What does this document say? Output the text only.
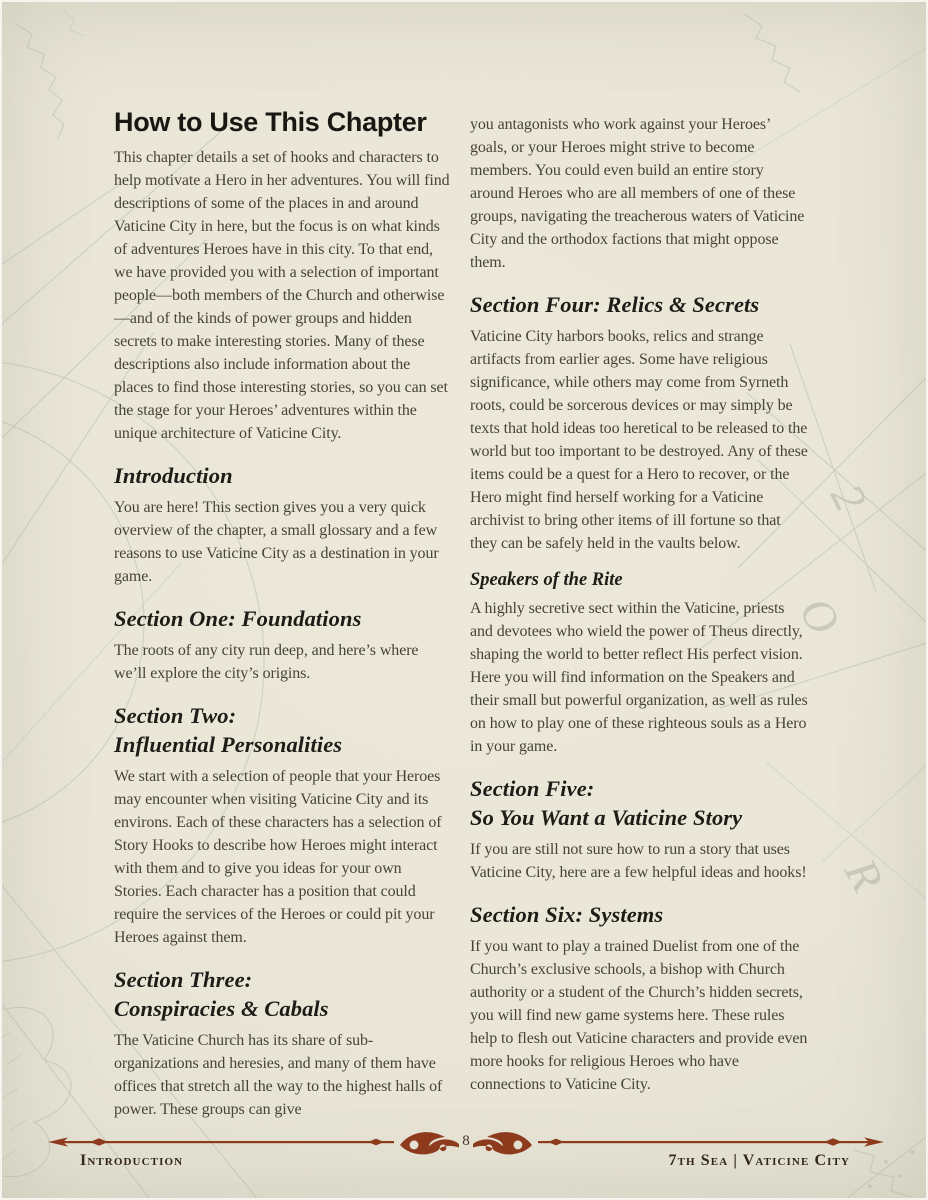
2
O
R
How to Use This Chapter

This chapter details a set of hooks and characters to help motivate a Hero in her adventures. You will find descriptions of some of the places in and around Vaticine City in here, but the focus is on what kinds of adventures Heroes have in this city. To that end, we have provided you with a selection of important people—both members of the Church and otherwise—and of the kinds of power groups and hidden secrets to make interesting stories. Many of these descriptions also include information about the places to find those interesting stories, so you can set the stage for your Heroes’ adventures within the unique architecture of Vaticine City.

Introduction

You are here! This section gives you a very quick overview of the chapter, a small glossary and a few reasons to use Vaticine City as a destination in your game.

Section One: Foundations

The roots of any city run deep, and here’s where we’ll explore the city’s origins.

Section Two:
Influential Personalities

We start with a selection of people that your Heroes may encounter when visiting Vaticine City and its environs. Each of these characters has a selection of Story Hooks to describe how Heroes might interact with them and to give you ideas for your own Stories. Each character has a position that could require the services of the Heroes or could pit your Heroes against them.

Section Three:
Conspiracies & Cabals

The Vaticine Church has its share of sub-organizations and heresies, and many of them have offices that stretch all the way to the highest halls of power. These groups can give

you antagonists who work against your Heroes’ goals, or your Heroes might strive to become members. You could even build an entire story around Heroes who are all members of one of these groups, navigating the treacherous waters of Vaticine City and the orthodox factions that might oppose them.

Section Four: Relics & Secrets

Vaticine City harbors books, relics and strange artifacts from earlier ages. Some have religious significance, while others may come from Syrneth roots, could be sorcerous devices or may simply be texts that hold ideas too heretical to be released to the world but too important to be destroyed. Any of these items could be a quest for a Hero to recover, or the Hero might find herself working for a Vaticine archivist to bring other items of ill fortune so that they can be safely held in the vaults below.

Speakers of the Rite

A highly secretive sect within the Vaticine, priests and devotees who wield the power of Theus directly, shaping the world to better reflect His perfect vision. Here you will find information on the Speakers and their small but powerful organization, as well as rules on how to play one of these righteous souls as a Hero in your game.

Section Five:
So You Want a Vaticine Story

If you are still not sure how to run a story that uses Vaticine City, here are a few helpful ideas and hooks!

Section Six: Systems

If you want to play a trained Duelist from one of the Church’s exclusive schools, a bishop with Church authority or a student of the Church’s hidden secrets, you will find new game systems here. These rules help to flesh out Vaticine characters and provide even more hooks for religious Heroes who have connections to Vaticine City.

8
Introduction	7th Sea | Vaticine City
